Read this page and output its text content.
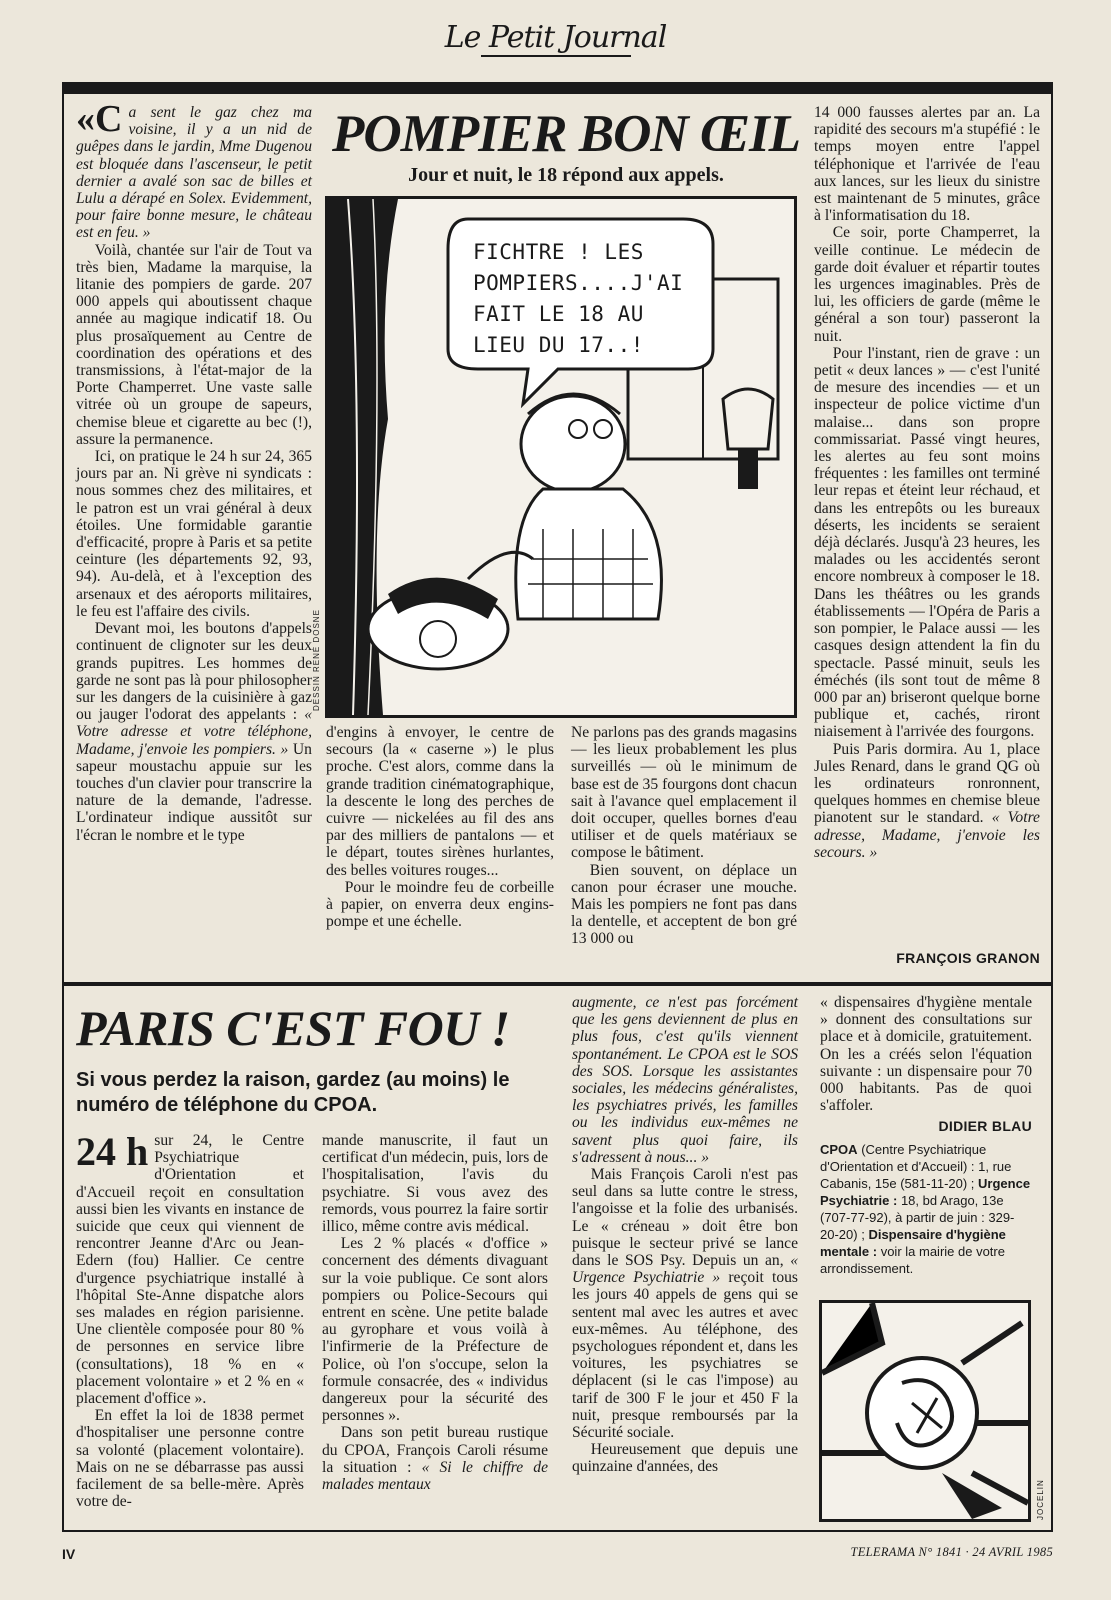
Le Petit Journal

«Ca sent le gaz chez ma voisine, il y a un nid de guêpes dans le jardin, Mme Dugenou est bloquée dans l'ascenseur, le petit dernier a avalé son sac de billes et Lulu a dérapé en Solex. Evidemment, pour faire bonne mesure, le château est en feu. »

Voilà, chantée sur l'air de Tout va très bien, Madame la marquise, la litanie des pompiers de garde. 207 000 appels qui aboutissent chaque année au magique indicatif 18. Ou plus prosaïquement au Centre de coordination des opérations et des transmissions, à l'état-major de la Porte Champerret. Une vaste salle vitrée où un groupe de sapeurs, chemise bleue et cigarette au bec (!), assure la permanence.

Ici, on pratique le 24 h sur 24, 365 jours par an. Ni grève ni syndicats : nous sommes chez des militaires, et le patron est un vrai général à deux étoiles. Une formidable garantie d'efficacité, propre à Paris et sa petite ceinture (les départements 92, 93, 94). Au-delà, et à l'exception des arsenaux et des aéroports militaires, le feu est l'affaire des civils.

Devant moi, les boutons d'appels continuent de clignoter sur les deux grands pupitres. Les hommes de garde ne sont pas là pour philosopher sur les dangers de la cuisinière à gaz ou jauger l'odorat des appelants : « Votre adresse et votre téléphone, Madame, j'envoie les pompiers. » Un sapeur moustachu appuie sur les touches d'un clavier pour transcrire la nature de la demande, l'adresse. L'ordinateur indique aussitôt sur l'écran le nombre et le type

POMPIER BON ŒIL
Jour et nuit, le 18 répond aux appels.
FICHTRE ! LES
POMPIERS....J'AI
FAIT LE 18 AU
LIEU DU 17..!
DESSIN RENÉ DOSNE

d'engins à envoyer, le centre de secours (la « caserne ») le plus proche. C'est alors, comme dans la grande tradition cinématographique, la descente le long des perches de cuivre — nickelées au fil des ans par des milliers de pantalons — et le départ, toutes sirènes hurlantes, des belles voitures rouges...

Pour le moindre feu de corbeille à papier, on enverra deux engins-pompe et une échelle.

Ne parlons pas des grands magasins — les lieux probablement les plus surveillés — où le minimum de base est de 35 fourgons dont chacun sait à l'avance quel emplacement il doit occuper, quelles bornes d'eau utiliser et de quels matériaux se compose le bâtiment.

Bien souvent, on déplace un canon pour écraser une mouche. Mais les pompiers ne font pas dans la dentelle, et acceptent de bon gré 13 000 ou

14 000 fausses alertes par an. La rapidité des secours m'a stupéfié : le temps moyen entre l'appel téléphonique et l'arrivée de l'eau aux lances, sur les lieux du sinistre est maintenant de 5 minutes, grâce à l'informatisation du 18.

Ce soir, porte Champerret, la veille continue. Le médecin de garde doit évaluer et répartir toutes les urgences imaginables. Près de lui, les officiers de garde (même le général a son tour) passeront la nuit.

Pour l'instant, rien de grave : un petit « deux lances » — c'est l'unité de mesure des incendies — et un inspecteur de police victime d'un malaise... dans son propre commissariat. Passé vingt heures, les alertes au feu sont moins fréquentes : les familles ont terminé leur repas et éteint leur réchaud, et dans les entrepôts ou les bureaux déserts, les incidents se seraient déjà déclarés. Jusqu'à 23 heures, les malades ou les accidentés seront encore nombreux à composer le 18. Dans les théâtres ou les grands établissements — l'Opéra de Paris a son pompier, le Palace aussi — les casques design attendent la fin du spectacle. Passé minuit, seuls les éméchés (ils sont tout de même 8 000 par an) briseront quelque borne publique et, cachés, riront niaisement à l'arrivée des fourgons.

Puis Paris dormira. Au 1, place Jules Renard, dans le grand QG où les ordinateurs ronronnent, quelques hommes en chemise bleue pianotent sur le standard. « Votre adresse, Madame, j'envoie les secours. »

FRANÇOIS GRANON
PARIS C'EST FOU !
Si vous perdez la raison, gardez (au moins) le numéro de téléphone du CPOA.

24 h sur 24, le Centre Psychiatrique d'Orientation et d'Accueil reçoit en consultation aussi bien les vivants en instance de suicide que ceux qui viennent de rencontrer Jeanne d'Arc ou Jean-Edern (fou) Hallier. Ce centre d'urgence psychiatrique installé à l'hôpital Ste-Anne dispatche alors ses malades en région parisienne. Une clientèle composée pour 80 % de personnes en service libre (consultations), 18 % en « placement volontaire » et 2 % en « placement d'office ».

En effet la loi de 1838 permet d'hospitaliser une personne contre sa volonté (placement volontaire). Mais on ne se débarrasse pas aussi facilement de sa belle-mère. Après votre de-

mande manuscrite, il faut un certificat d'un médecin, puis, lors de l'hospitalisation, l'avis du psychiatre. Si vous avez des remords, vous pourrez la faire sortir illico, même contre avis médical.

Les 2 % placés « d'office » concernent des déments divaguant sur la voie publique. Ce sont alors pompiers ou Police-Secours qui entrent en scène. Une petite balade au gyrophare et vous voilà à l'infirmerie de la Préfecture de Police, où l'on s'occupe, selon la formule consacrée, des « individus dangereux pour la sécurité des personnes ».

Dans son petit bureau rustique du CPOA, François Caroli résume la situation : « Si le chiffre de malades mentaux

augmente, ce n'est pas forcément que les gens deviennent de plus en plus fous, c'est qu'ils viennent spontanément. Le CPOA est le SOS des SOS. Lorsque les assistantes sociales, les médecins généralistes, les psychiatres privés, les familles ou les individus eux-mêmes ne savent plus quoi faire, ils s'adressent à nous... »

Mais François Caroli n'est pas seul dans sa lutte contre le stress, l'angoisse et la folie des urbanisés. Le « créneau » doit être bon puisque le secteur privé se lance dans le SOS Psy. Depuis un an, « Urgence Psychiatrie » reçoit tous les jours 40 appels de gens qui se sentent mal avec les autres et avec eux-mêmes. Au téléphone, des psychologues répondent et, dans les voitures, les psychiatres se déplacent (si le cas l'impose) au tarif de 300 F le jour et 450 F la nuit, presque remboursés par la Sécurité sociale.

Heureusement que depuis une quinzaine d'années, des

« dispensaires d'hygiène mentale » donnent des consultations sur place et à domicile, gratuitement. On les a créés selon l'équation suivante : un dispensaire pour 70 000 habitants. Pas de quoi s'affoler.

DIDIER BLAU
CPOA (Centre Psychiatrique d'Orientation et d'Accueil) : 1, rue Cabanis, 15e (581-11-20) ; Urgence Psychiatrie : 18, bd Arago, 13e (707-77-92), à partir de juin : 329-20-20) ; Dispensaire d'hygiène mentale : voir la mairie de votre arrondissement.
JOCELIN
IV	TELERAMA N° 1841 · 24 AVRIL 1985
